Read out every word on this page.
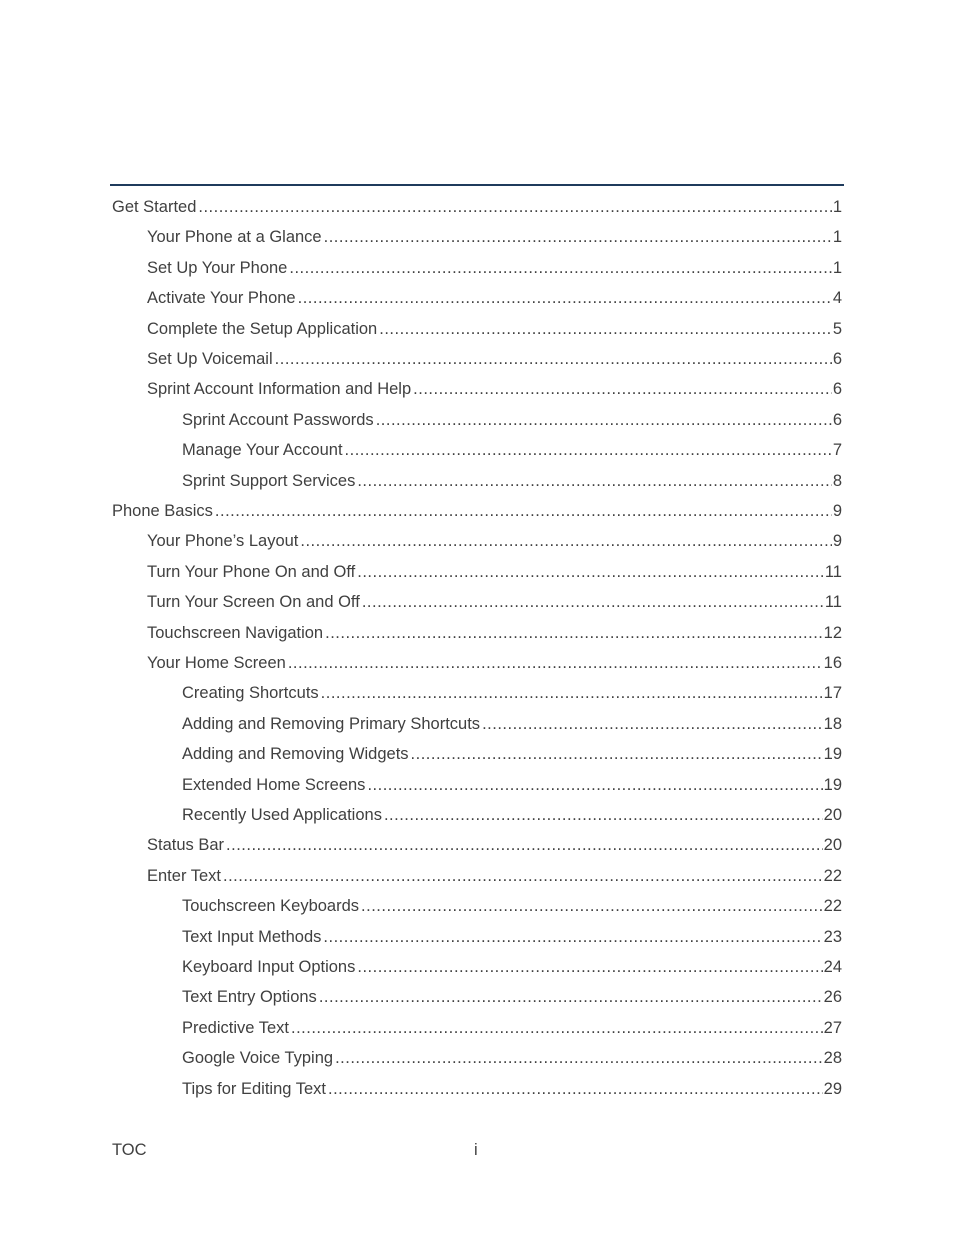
Get Started .....	1
Your Phone at a Glance .....	1
Set Up Your Phone .....	1
Activate Your Phone .....	4
Complete the Setup Application .....	5
Set Up Voicemail .....	6
Sprint Account Information and Help .....	6
Sprint Account Passwords .....	6
Manage Your Account .....	7
Sprint Support Services .....	8
Phone Basics .....	9
Your Phone’s Layout .....	9
Turn Your Phone On and Off .....	11
Turn Your Screen On and Off .....	11
Touchscreen Navigation .....	12
Your Home Screen .....	16
Creating Shortcuts .....	17
Adding and Removing Primary Shortcuts .....	18
Adding and Removing Widgets .....	19
Extended Home Screens .....	19
Recently Used Applications .....	20
Status Bar .....	20
Enter Text .....	22
Touchscreen Keyboards .....	22
Text Input Methods .....	23
Keyboard Input Options .....	24
Text Entry Options .....	26
Predictive Text .....	27
Google Voice Typing .....	28
Tips for Editing Text .....	29
TOC	i
